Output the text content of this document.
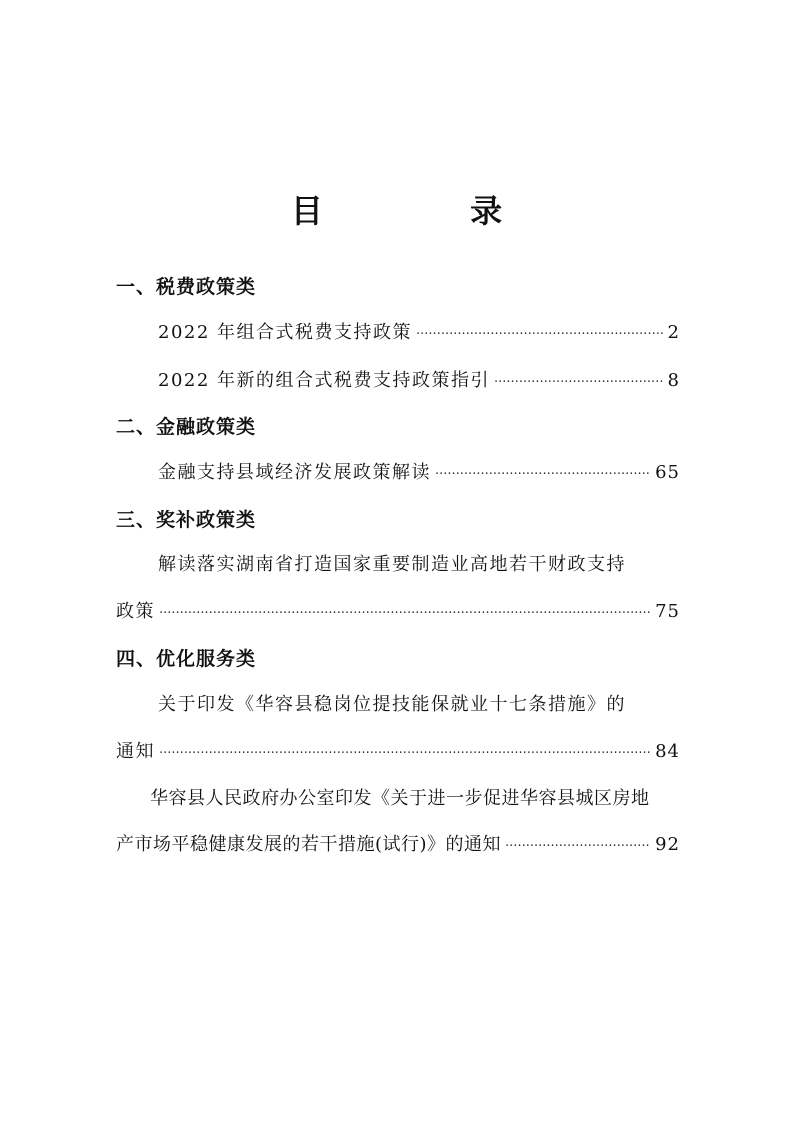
目 录
一、税费政策类
2022 年组合式税费支持政策 ·····	2
2022 年新的组合式税费支持政策指引 ·····	8
二、金融政策类
金融支持县域经济发展政策解读 ·····	65
三、奖补政策类
解读落实湖南省打造国家重要制造业高地若干财政支持
政策 ·····	75
四、优化服务类
关于印发《华容县稳岗位提技能保就业十七条措施》的
通知 ·····	84
华容县人民政府办公室印发《关于进一步促进华容县城区房地
产市场平稳健康发展的若干措施(试行)》的通知 ·····	92
